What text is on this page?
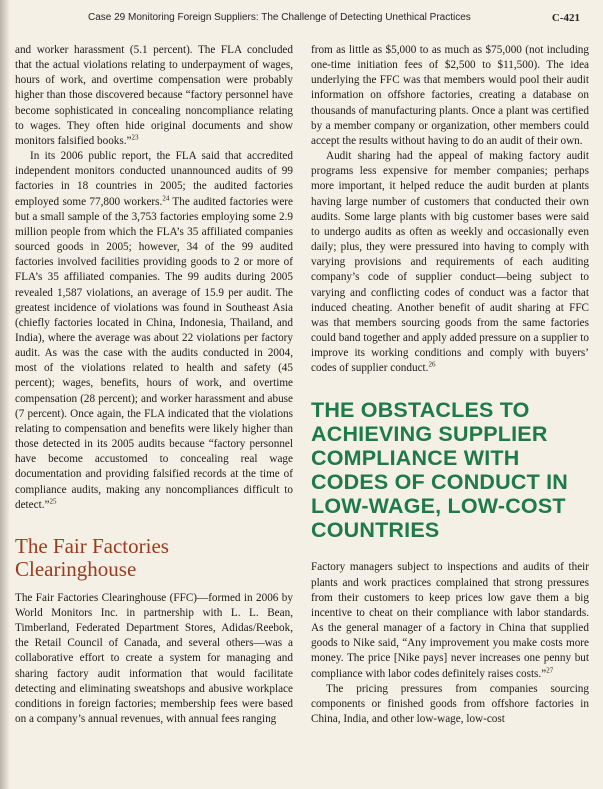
Case 29 Monitoring Foreign Suppliers: The Challenge of Detecting Unethical Practices	C-421

and worker harassment (5.1 percent). The FLA concluded that the actual violations relating to underpayment of wages, hours of work, and overtime compensation were probably higher than those discovered because “factory personnel have become sophisticated in concealing noncompliance relating to wages. They often hide original documents and show monitors falsified books.”$^{23}$

In its 2006 public report, the FLA said that accredited independent monitors conducted unannounced audits of 99 factories in 18 countries in 2005; the audited factories employed some 77,800 workers.$^{24}$ The audited factories were but a small sample of the 3,753 factories employing some 2.9 million people from which the FLA’s 35 affiliated companies sourced goods in 2005; however, 34 of the 99 audited factories involved facilities providing goods to 2 or more of FLA’s 35 affiliated companies. The 99 audits during 2005 revealed 1,587 violations, an average of 15.9 per audit. The greatest incidence of violations was found in Southeast Asia (chiefly factories located in China, Indonesia, Thailand, and India), where the average was about 22 violations per factory audit. As was the case with the audits conducted in 2004, most of the violations related to health and safety (45 percent); wages, benefits, hours of work, and overtime compensation (28 percent); and worker harassment and abuse (7 percent). Once again, the FLA indicated that the violations relating to compensation and benefits were likely higher than those detected in its 2005 audits because “factory personnel have become accustomed to concealing real wage documentation and providing falsified records at the time of compliance audits, making any noncompliances difficult to detect.”$^{25}$

The Fair Factories Clearinghouse

The Fair Factories Clearinghouse (FFC)—formed in 2006 by World Monitors Inc. in partnership with L. L. Bean, Timberland, Federated Department Stores, Adidas/Reebok, the Retail Council of Canada, and several others—was a collaborative effort to create a system for managing and sharing factory audit information that would facilitate detecting and eliminating sweatshops and abusive workplace conditions in foreign factories; membership fees were based on a company’s annual revenues, with annual fees ranging

from as little as $5,000 to as much as $75,000 (not including one-time initiation fees of $2,500 to $11,500). The idea underlying the FFC was that members would pool their audit information on offshore factories, creating a database on thousands of manufacturing plants. Once a plant was certified by a member company or organization, other members could accept the results without having to do an audit of their own.

Audit sharing had the appeal of making factory audit programs less expensive for member companies; perhaps more important, it helped reduce the audit burden at plants having large number of customers that conducted their own audits. Some large plants with big customer bases were said to undergo audits as often as weekly and occasionally even daily; plus, they were pressured into having to comply with varying provisions and requirements of each auditing company’s code of supplier conduct—being subject to varying and conflicting codes of conduct was a factor that induced cheating. Another benefit of audit sharing at FFC was that members sourcing goods from the same factories could band together and apply added pressure on a supplier to improve its working conditions and comply with buyers’ codes of supplier conduct.$^{26}$

THE OBSTACLES TO ACHIEVING SUPPLIER COMPLIANCE WITH CODES OF CONDUCT IN LOW-WAGE, LOW-COST COUNTRIES

Factory managers subject to inspections and audits of their plants and work practices complained that strong pressures from their customers to keep prices low gave them a big incentive to cheat on their compliance with labor standards. As the general manager of a factory in China that supplied goods to Nike said, “Any improvement you make costs more money. The price [Nike pays] never increases one penny but compliance with labor codes definitely raises costs.”$^{27}$

The pricing pressures from companies sourcing components or finished goods from offshore factories in China, India, and other low-wage, low-cost
